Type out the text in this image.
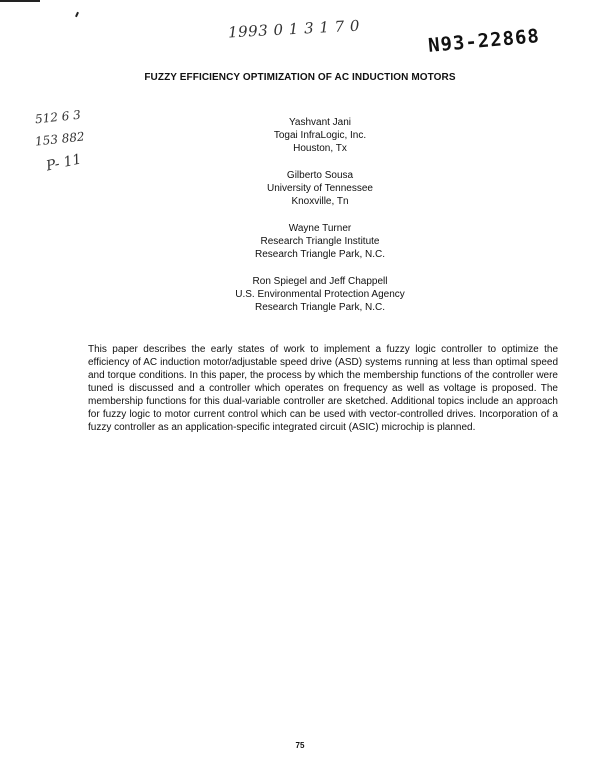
1993 0 1 3 1 7 0
512 6 3
153 882
P- 11
N93-22868
FUZZY EFFICIENCY OPTIMIZATION OF AC INDUCTION MOTORS
Yashvant Jani
Togai InfraLogic, Inc.
Houston, Tx
Gilberto Sousa
University of Tennessee
Knoxville, Tn
Wayne Turner
Research Triangle Institute
Research Triangle Park, N.C.
Ron Spiegel and Jeff Chappell
U.S. Environmental Protection Agency
Research Triangle Park, N.C.
This paper describes the early states of work to implement a fuzzy logic controller to optimize the efficiency of AC induction motor/adjustable speed drive (ASD) systems running at less than optimal speed and torque conditions. In this paper, the process by which the membership functions of the controller were tuned is discussed and a controller which operates on frequency as well as voltage is proposed. The membership functions for this dual-variable controller are sketched. Additional topics include an approach for fuzzy logic to motor current control which can be used with vector-controlled drives. Incorporation of a fuzzy controller as an application-specific integrated circuit (ASIC) microchip is planned.
75
